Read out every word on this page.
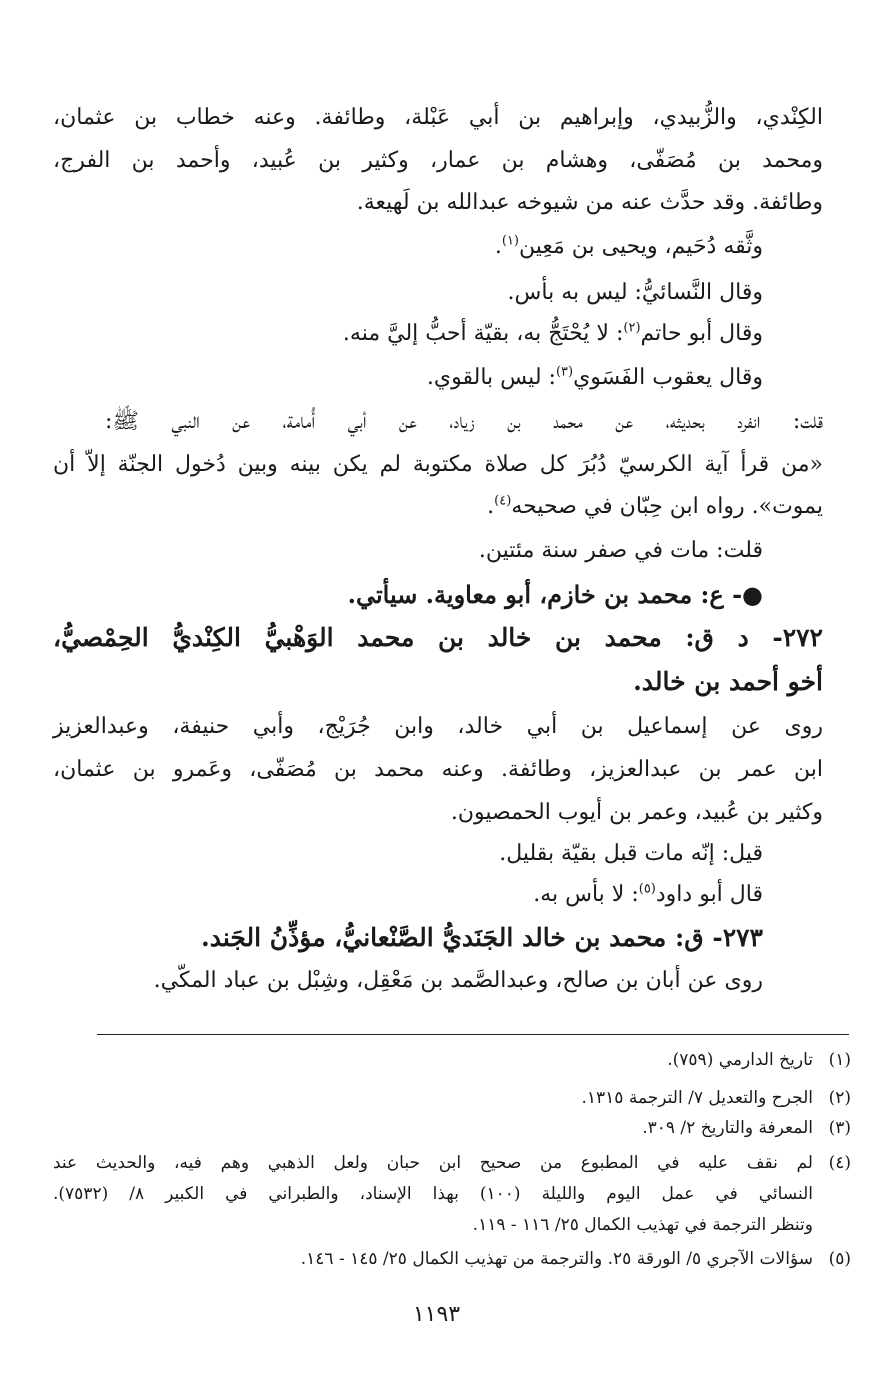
الكِنْدي، والزُّبيدي، وإبراهيم بن أبي عَبْلة، وطائفة. وعنه خطاب بن عثمان،
ومحمد بن مُصَفّى، وهشام بن عمار، وكثير بن عُبيد، وأحمد بن الفرج،
وطائفة. وقد حدَّث عنه من شيوخه عبدالله بن لَهيعة.
وثَّقه دُحَيم، ويحيى بن مَعِين$^{(١)}$.
وقال النَّسائيُّ: ليس به بأس.
وقال أبو حاتم$^{(٢)}$: لا يُحْتَجُّ به، بقيّة أحبُّ إليَّ منه.
وقال يعقوب الفَسَوي$^{(٣)}$: ليس بالقوي.
قلت: انفرد بحديثه، عن محمد بن زياد، عن أبي أُمامة، عن النبي ﷺ:
«من قرأ آية الكرسيّ دُبُرَ كل صلاة مكتوبة لم يكن بينه وبين دُخول الجنّة إلاّ أن
يموت». رواه ابن حِبّان في صحيحه$^{(٤)}$.
قلت: مات في صفر سنة مئتين.
●- ع: محمد بن خازم، أبو معاوية. سيأتي.
٢٧٢- د ق: محمد بن خالد بن محمد الوَهْبيُّ الكِنْديُّ الحِمْصيُّ،
أخو أحمد بن خالد.
روى عن إسماعيل بن أبي خالد، وابن جُرَيْج، وأبي حنيفة، وعبدالعزيز
ابن عمر بن عبدالعزيز، وطائفة. وعنه محمد بن مُصَفّى، وعَمرو بن عثمان،
وكثير بن عُبيد، وعمر بن أيوب الحمصيون.
قيل: إنّه مات قبل بقيّة بقليل.
قال أبو داود$^{(٥)}$: لا بأس به.
٢٧٣- ق: محمد بن خالد الجَنَديُّ الصَّنْعانيُّ، مؤذِّنُ الجَند.
روى عن أبان بن صالح، وعبدالصَّمد بن مَعْقِل، وشِبْل بن عباد المكّي.
(١)
تاريخ الدارمي (٧٥٩).
(٢)
الجرح والتعديل ٧/ الترجمة ١٣١٥.
(٣)
المعرفة والتاريخ ٢/ ٣٠٩.
(٤)
لم نقف عليه في المطبوع من صحيح ابن حبان ولعل الذهبي وهم فيه، والحديث عند
النسائي في عمل اليوم والليلة (١٠٠) بهذا الإسناد، والطبراني في الكبير ٨/ (٧٥٣٢).
وتنظر الترجمة في تهذيب الكمال ٢٥/ ١١٦ - ١١٩.
(٥)
سؤالات الآجري ٥/ الورقة ٢٥. والترجمة من تهذيب الكمال ٢٥/ ١٤٥ - ١٤٦.
١١٩٣
